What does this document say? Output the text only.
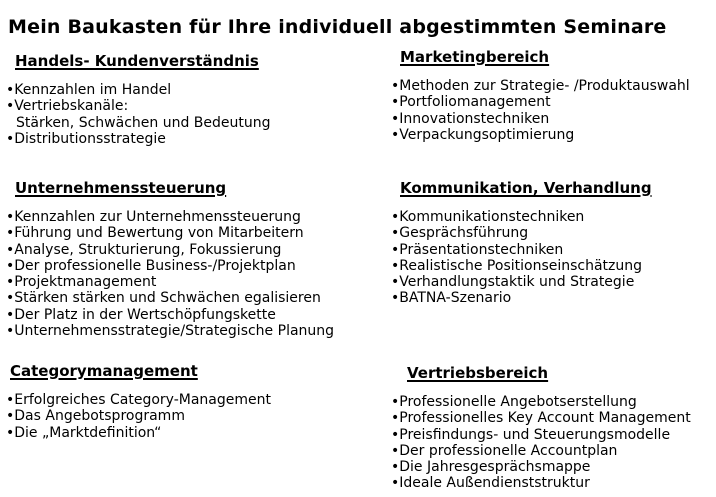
Mein Baukasten für Ihre individuell abgestimmten Seminare
Handels- Kundenverständnis
•Kennzahlen im Handel
•Vertriebskanäle:
Stärken, Schwächen und Bedeutung
•Distributionsstrategie
Marketingbereich
•Methoden zur Strategie- /Produktauswahl
•Portfoliomanagement
•Innovationstechniken
•Verpackungsoptimierung
Unternehmenssteuerung
•Kennzahlen zur Unternehmenssteuerung
•Führung und Bewertung von Mitarbeitern
•Analyse, Strukturierung, Fokussierung
•Der professionelle Business-/Projektplan
•Projektmanagement
•Stärken stärken und Schwächen egalisieren
•Der Platz in der Wertschöpfungskette
•Unternehmensstrategie/Strategische Planung
Kommunikation, Verhandlung
•Kommunikationstechniken
•Gesprächsführung
•Präsentationstechniken
•Realistische Positionseinschätzung
•Verhandlungstaktik und Strategie
•BATNA-Szenario
Categorymanagement
•Erfolgreiches Category-Management
•Das Angebotsprogramm
•Die „Marktdefinition“
Vertriebsbereich
•Professionelle Angebotserstellung
•Professionelles Key Account Management
•Preisfindungs- und Steuerungsmodelle
•Der professionelle Accountplan
•Die Jahresgesprächsmappe
•Ideale Außendienststruktur
